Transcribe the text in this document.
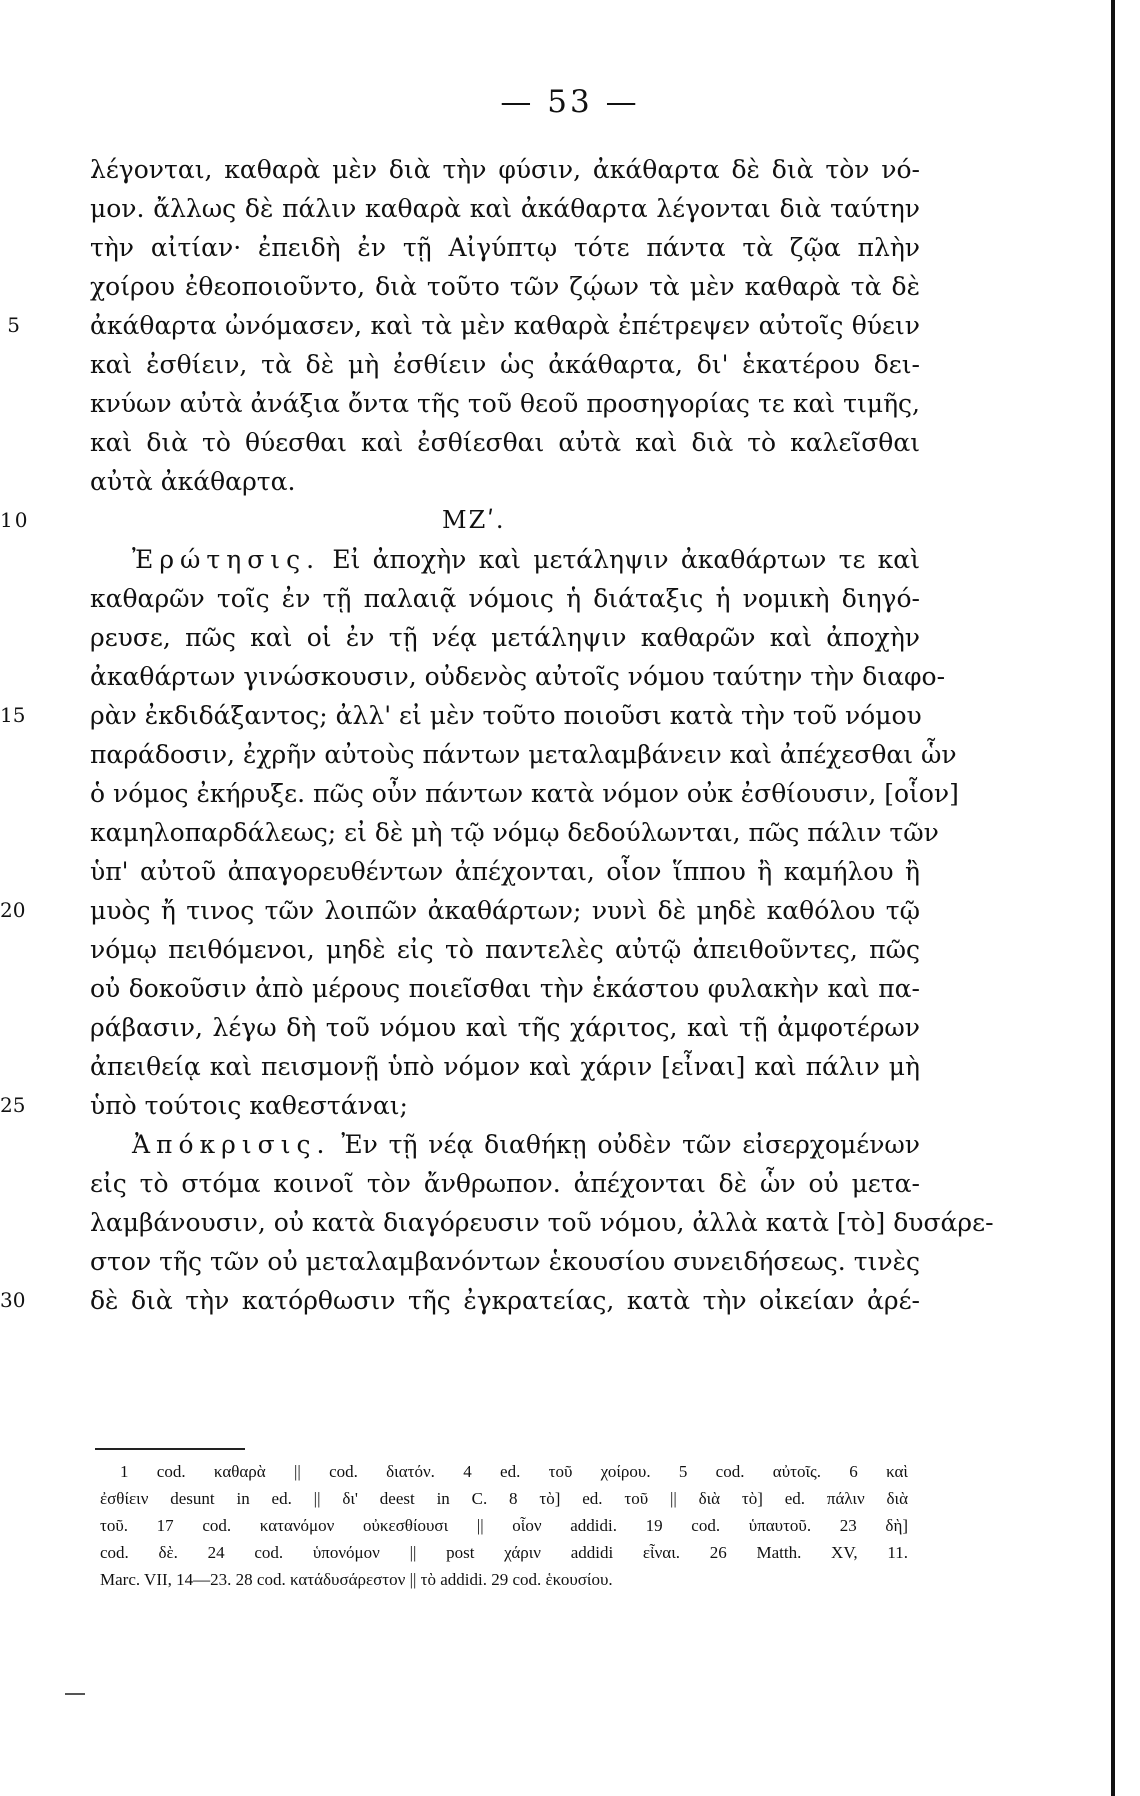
— 53 —
λέγονται, καθαρὰ μὲν διὰ τὴν φύσιν, ἀκάθαρτα δὲ διὰ τὸν νό-
μον. ἄλλως δὲ πάλιν καθαρὰ καὶ ἀκάθαρτα λέγονται διὰ ταύτην
τὴν αἰτίαν· ἐπειδὴ ἐν τῇ Αἰγύπτῳ τότε πάντα τὰ ζῷα πλὴν
χοίρου ἐθεοποιοῦντο, διὰ τοῦτο τῶν ζῴων τὰ μὲν καθαρὰ τὰ δὲ
5	ἀκάθαρτα ὠνόμασεν, καὶ τὰ μὲν καθαρὰ ἐπέτρεψεν αὐτοῖς θύειν
καὶ ἐσθίειν, τὰ δὲ μὴ ἐσθίειν ὡς ἀκάθαρτα, δι' ἑκατέρου δει-
κνύων αὐτὰ ἀνάξια ὄντα τῆς τοῦ θεοῦ προσηγορίας τε καὶ τιμῆς,
καὶ διὰ τὸ θύεσθαι καὶ ἐσθίεσθαι αὐτὰ καὶ διὰ τὸ καλεῖσθαι
αὐτὰ ἀκάθαρτα.
10	ΜΖʹ.
Ἐρώτησις. Εἰ ἀποχὴν καὶ μετάληψιν ἀκαθάρτων τε καὶ
καθαρῶν τοῖς ἐν τῇ παλαιᾷ νόμοις ἡ διάταξις ἡ νομικὴ διηγό-
ρευσε, πῶς καὶ οἱ ἐν τῇ νέᾳ μετάληψιν καθαρῶν καὶ ἀποχὴν
ἀκαθάρτων γινώσκουσιν, οὐδενὸς αὐτοῖς νόμου ταύτην τὴν διαφο-
15	ρὰν ἐκδιδάξαντος; ἀλλ' εἰ μὲν τοῦτο ποιοῦσι κατὰ τὴν τοῦ νόμου
παράδοσιν, ἐχρῆν αὐτοὺς πάντων μεταλαμβάνειν καὶ ἀπέχεσθαι ὧν
ὁ νόμος ἐκήρυξε. πῶς οὖν πάντων κατὰ νόμον οὐκ ἐσθίουσιν, [οἷον]
καμηλοπαρδάλεως; εἰ δὲ μὴ τῷ νόμῳ δεδούλωνται, πῶς πάλιν τῶν
ὑπ' αὐτοῦ ἀπαγορευθέντων ἀπέχονται, οἷον ἵππου ἢ καμήλου ἢ
20	μυὸς ἤ τινος τῶν λοιπῶν ἀκαθάρτων; νυνὶ δὲ μηδὲ καθόλου τῷ
νόμῳ πειθόμενοι, μηδὲ εἰς τὸ παντελὲς αὐτῷ ἀπειθοῦντες, πῶς
οὐ δοκοῦσιν ἀπὸ μέρους ποιεῖσθαι τὴν ἑκάστου φυλακὴν καὶ πα-
ράβασιν, λέγω δὴ τοῦ νόμου καὶ τῆς χάριτος, καὶ τῇ ἀμφοτέρων
ἀπειθείᾳ καὶ πεισμονῇ ὑπὸ νόμον καὶ χάριν [εἶναι] καὶ πάλιν μὴ
25	ὑπὸ τούτοις καθεστάναι;
Ἀπόκρισις. Ἐν τῇ νέᾳ διαθήκῃ οὐδὲν τῶν εἰσερχομένων
εἰς τὸ στόμα κοινοῖ τὸν ἄνθρωπον. ἀπέχονται δὲ ὧν οὐ μετα-
λαμβάνουσιν, οὐ κατὰ διαγόρευσιν τοῦ νόμου, ἀλλὰ κατὰ [τὸ] δυσάρε-
στον τῆς τῶν οὐ μεταλαμβανόντων ἑκουσίου συνειδήσεως. τινὲς
30	δὲ διὰ τὴν κατόρθωσιν τῆς ἐγκρατείας, κατὰ τὴν οἰκείαν ἀρέ-
1 cod. καθαρὰ || cod. διατόν. 4 ed. τοῦ χοίρου. 5 cod. αὐτοῖς. 6 καὶ
ἐσθίειν desunt in ed. || δι' deest in C. 8 τὸ] ed. τοῦ || διὰ τὸ] ed. πάλιν διὰ
τοῦ. 17 cod. κατανόμον οὐκεσθίουσι || οἷον addidi. 19 cod. ὑπαυτοῦ. 23 δὴ]
cod. δὲ. 24 cod. ὑπονόμον || post χάριν addidi εἶναι. 26 Matth. XV, 11.
Marc. VII, 14—23. 28 cod. κατάδυσάρεστον || τὸ addidi. 29 cod. ἑκουσίου.
